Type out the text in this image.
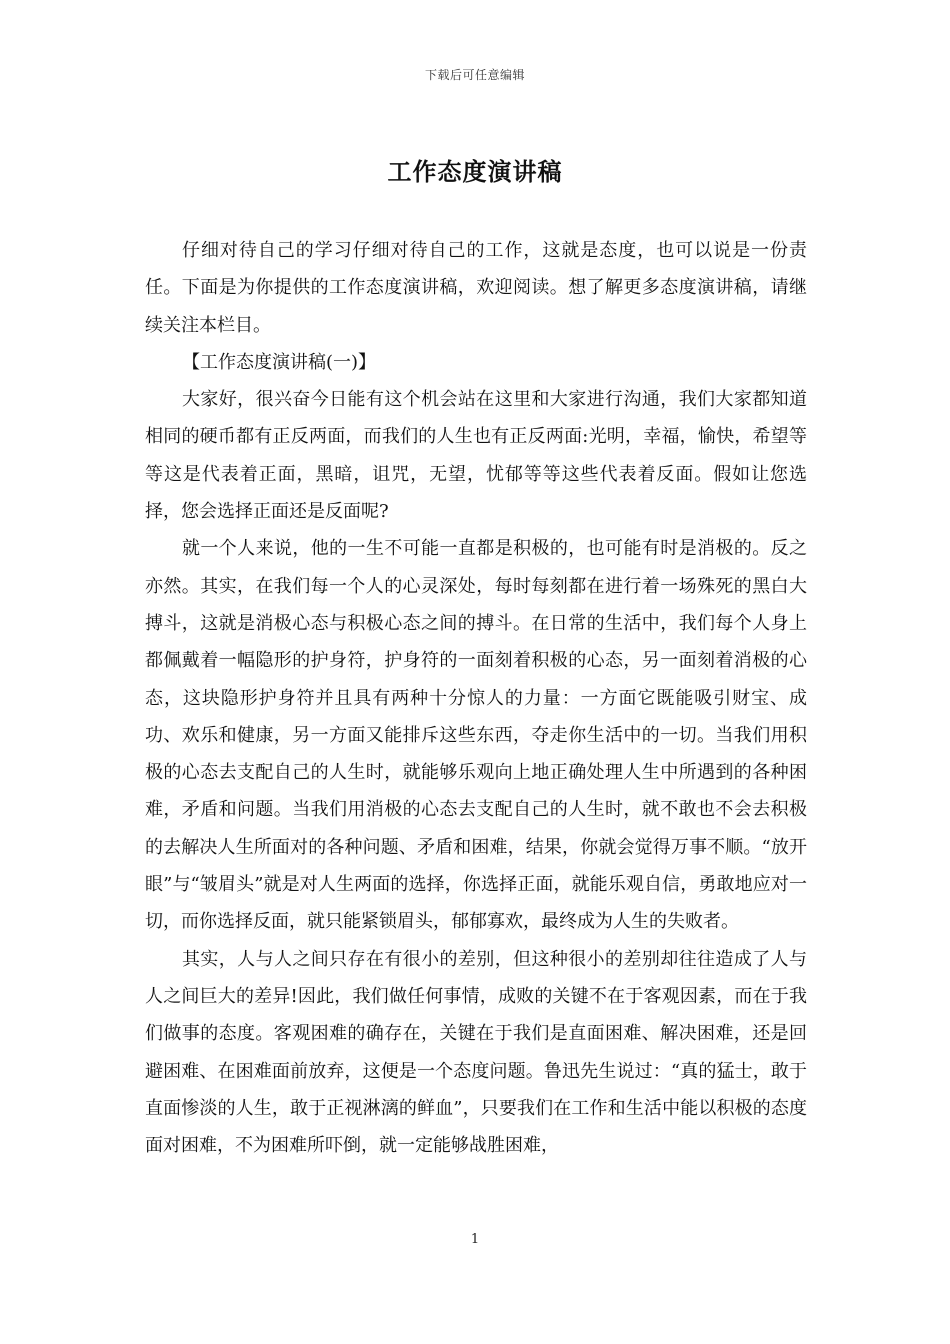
下载后可任意编辑
工作态度演讲稿

仔细对待自己的学习仔细对待自己的工作，这就是态度，也可以说是一份责任。下面是为你提供的工作态度演讲稿，欢迎阅读。想了解更多态度演讲稿，请继续关注本栏目。

【工作态度演讲稿(一)】

大家好，很兴奋今日能有这个机会站在这里和大家进行沟通，我们大家都知道相同的硬币都有正反两面，而我们的人生也有正反两面:光明，幸福，愉快，希望等等这是代表着正面，黑暗，诅咒，无望，忧郁等等这些代表着反面。假如让您选择，您会选择正面还是反面呢?

就一个人来说，他的一生不可能一直都是积极的，也可能有时是消极的。反之亦然。其实，在我们每一个人的心灵深处，每时每刻都在进行着一场殊死的黑白大搏斗，这就是消极心态与积极心态之间的搏斗。在日常的生活中，我们每个人身上都佩戴着一幅隐形的护身符，护身符的一面刻着积极的心态，另一面刻着消极的心态，这块隐形护身符并且具有两种十分惊人的力量：一方面它既能吸引财宝、成功、欢乐和健康，另一方面又能排斥这些东西，夺走你生活中的一切。当我们用积极的心态去支配自己的人生时，就能够乐观向上地正确处理人生中所遇到的各种困难，矛盾和问题。当我们用消极的心态去支配自己的人生时，就不敢也不会去积极的去解决人生所面对的各种问题、矛盾和困难，结果，你就会觉得万事不顺。“放开眼”与“皱眉头”就是对人生两面的选择，你选择正面，就能乐观自信，勇敢地应对一切，而你选择反面，就只能紧锁眉头，郁郁寡欢，最终成为人生的失败者。

其实，人与人之间只存在有很小的差别，但这种很小的差别却往往造成了人与人之间巨大的差异!因此，我们做任何事情，成败的关键不在于客观因素，而在于我们做事的态度。客观困难的确存在，关键在于我们是直面困难、解决困难，还是回避困难、在困难面前放弃，这便是一个态度问题。鲁迅先生说过：“真的猛士，敢于直面惨淡的人生，敢于正视淋漓的鲜血”，只要我们在工作和生活中能以积极的态度面对困难，不为困难所吓倒，就一定能够战胜困难，

1
